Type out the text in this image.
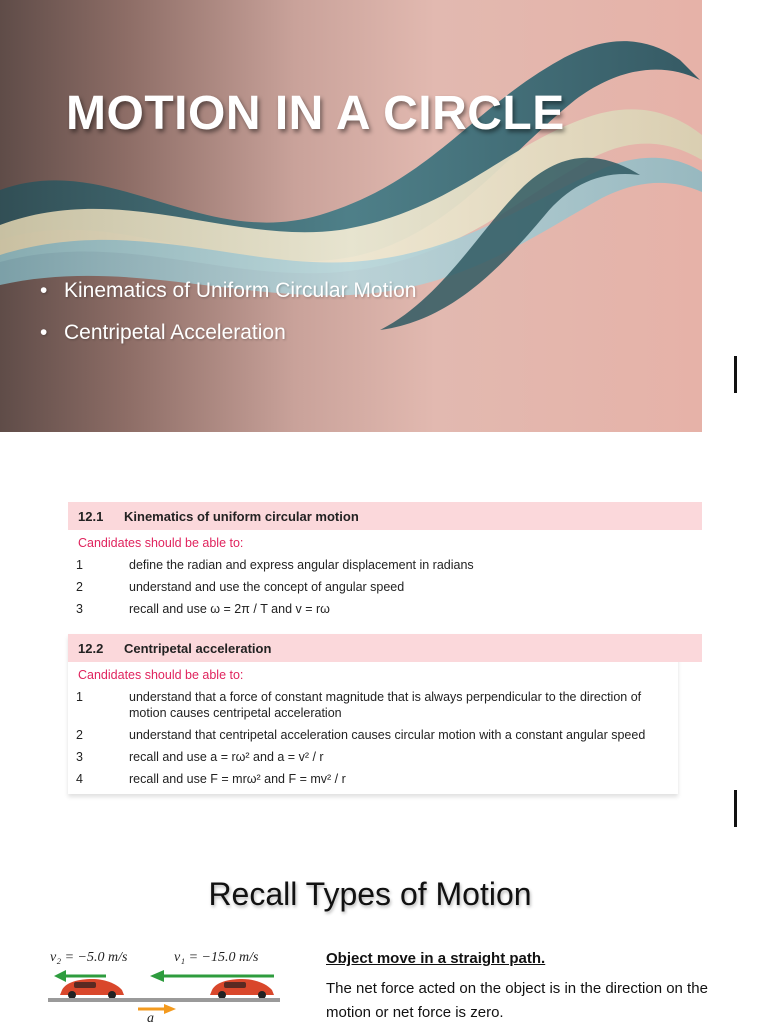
MOTION IN A CIRCLE
• Kinematics of Uniform Circular Motion
• Centripetal Acceleration
12.1	Kinematics of uniform circular motion
Candidates should be able to:
1	define the radian and express angular displacement in radians
2	understand and use the concept of angular speed
3	recall and use ω = 2π / T and v = rω
12.2	Centripetal acceleration
Candidates should be able to:
1	understand that a force of constant magnitude that is always perpendicular to the direction of motion causes centripetal acceleration
2	understand that centripetal acceleration causes circular motion with a constant angular speed
3	recall and use a = rω² and a = v² / r
4	recall and use F = mrω² and F = mv² / r
Recall Types of Motion
v₂ = −5.0 m/s	v₁ = −15.0 m/s
a

Object move in a straight path.

The net force acted on the object is in the direction on the motion or net force is zero.
